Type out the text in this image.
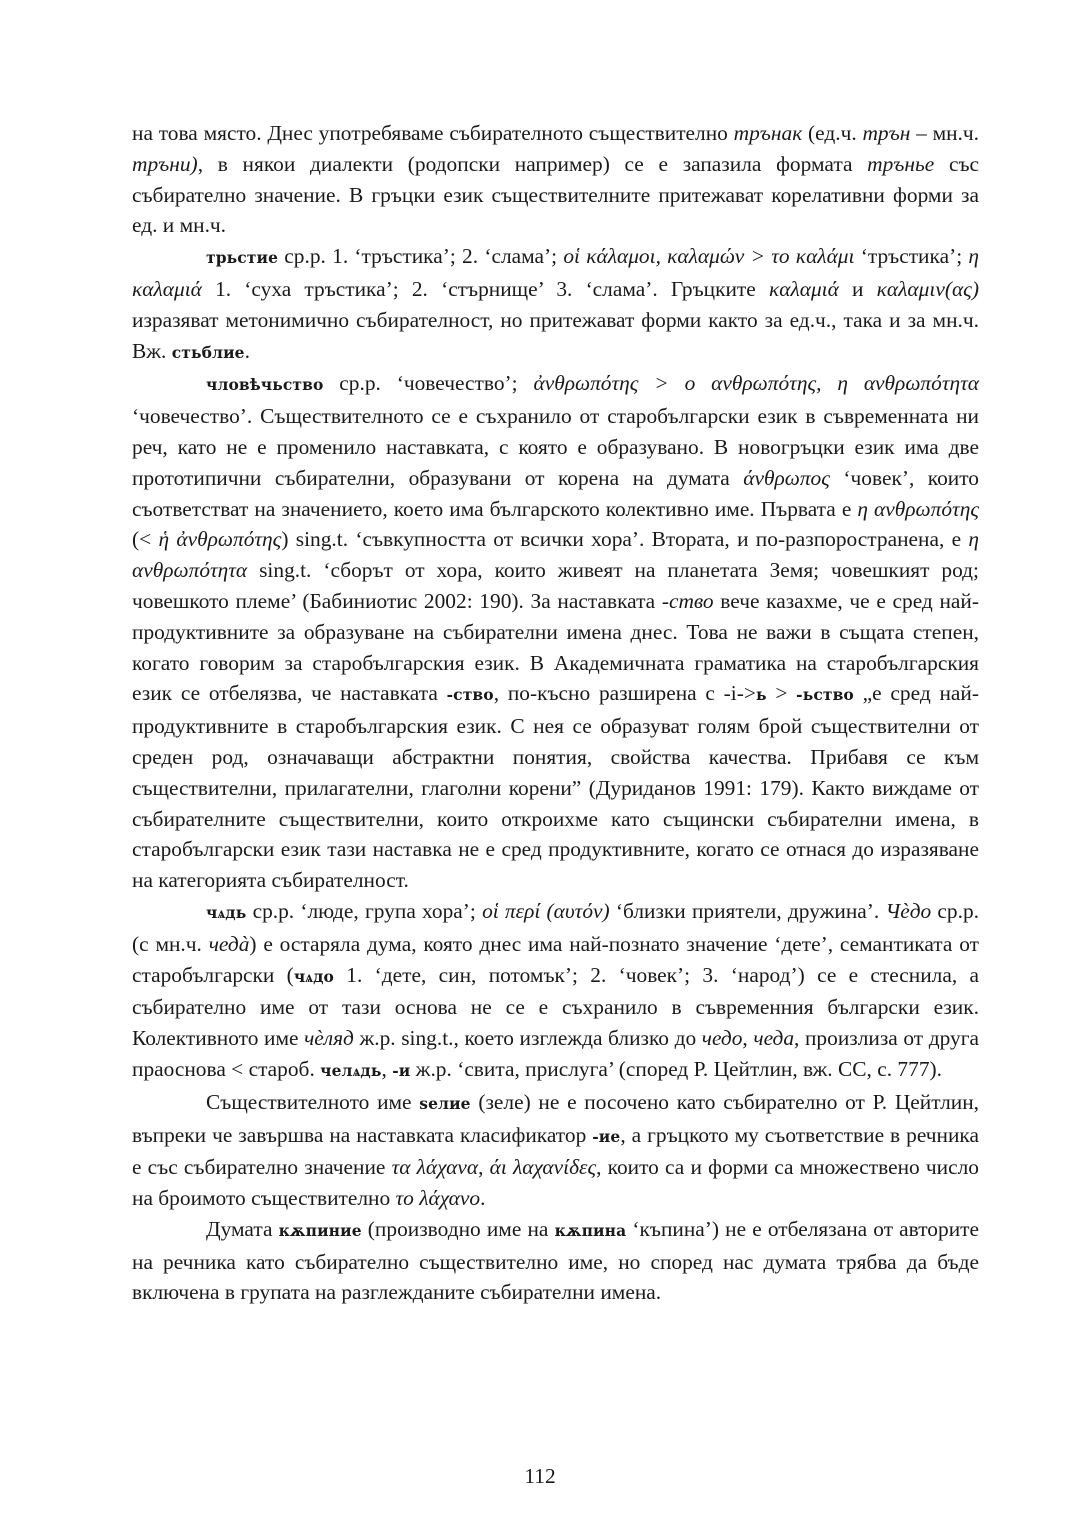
на това място. Днес употребяваме събирателното съществително трънак (ед.ч. трън – мн.ч. тръни), в някои диалекти (родопски например) се е запазила формата трънье със събирателно значение. В гръцки език съществителните притежават корелативни форми за ед. и мн.ч.

трьстие ср.р. 1. ‘тръстика’; 2. ‘слама’; οἱ κάλαμοι, καλαμών > το καλάμι ‘тръстика’; η καλαμιά 1. ‘суха тръстика’; 2. ‘стърнище’ 3. ‘слама’. Гръцките καλαμιά и καλαμιν(ας) изразяват метонимично събирателност, но притежават форми както за ед.ч., така и за мн.ч. Вж. стьблие.

чловѣчьство ср.р. ‘човечество’; ἀνθρωπότης > ο ανθρωπότης, η ανθρωπότητα ‘човечество’. Съществителното се е съхранило от старобългарски език в съвременната ни реч, като не е променило наставката, с която е образувано. В новогръцки език има две прототипични събирателни, образувани от корена на думата άνθρωπος ‘човек’, които съответстват на значението, което има българското колективно име. Първата е η ανθρωπότης (< ἡ ἀνθρωπότης) sing.t. ‘съвкупността от всички хора’. Втората, и по-разпоространена, е η ανθρωπότητα sing.t. ‘сборът от хора, които живеят на планетата Земя; човешкият род; човешкото племе’ (Бабиниотис 2002: 190). За наставката -ство вече казахме, че е сред най-продуктивните за образуване на събирателни имена днес. Това не важи в същата степен, когато говорим за старобългарския език. В Академичната граматика на старобългарския език се отбелязва, че наставката -ство, по-късно разширена с -i->ь > -ьство „е сред най-продуктивните в старобългарския език. С нея се образуват голям брой съществителни от среден род, означаващи абстрактни понятия, свойства качества. Прибавя се към съществителни, прилагателни, глаголни корени” (Дуриданов 1991: 179). Както виждаме от събирателните съществителни, които откроихме като същински събирателни имена, в старобългарски език тази наставка не е сред продуктивните, когато се отнася до изразяване на категорията събирателност.

чѧдь ср.р. ‘люде, група хора’; οἱ περί (αυτόν) ‘близки приятели, дружина’. Чèдо ср.р. (с мн.ч. чедà) е остаряла дума, която днес има най-познато значение ‘дете’, семантиката от старобългарски (чѧдо 1. ‘дете, син, потомък’; 2. ‘човек’; 3. ‘народ’) се е стеснила, а събирателно име от тази основа не се е съхранило в съвременния български език. Колективното име чèляд ж.р. sing.t., което изглежда близко до чедо, чеда, произлиза от друга праоснова < староб. челѧдь, -и ж.р. ‘свита, прислуга’ (според Р. Цейтлин, вж. СС, с. 777).

Съществителното име ѕелие (зеле) не е посочено като събирателно от Р. Цейтлин, въпреки че завършва на наставката класификатор -ие, а гръцкото му съответствие в речника е със събирателно значение τα λάχανα, άι λαχανίδες, които са и форми са множествено число на броимото съществително το λάχανο.

Думата кѫпиние (производно име на кѫпина ‘къпина’) не е отбелязана от авторите на речника като събирателно съществително име, но според нас думата трябва да бъде включена в групата на разглежданите събирателни имена.

112
